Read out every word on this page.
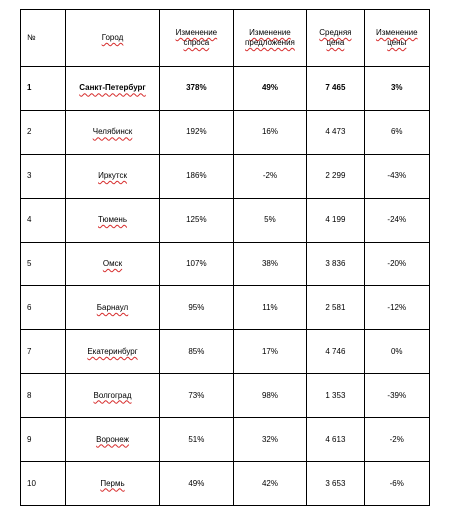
№	Город	Изменение спроса	Изменение предложения	Средняя цена	Изменение цены
1	Санкт-Петербург	378%	49%	7 465	3%
2	Челябинск	192%	16%	4 473	6%
3	Иркутск	186%	-2%	2 299	-43%
4	Тюмень	125%	5%	4 199	-24%
5	Омск	107%	38%	3 836	-20%
6	Барнаул	95%	11%	2 581	-12%
7	Екатеринбург	85%	17%	4 746	0%
8	Волгоград	73%	98%	1 353	-39%
9	Воронеж	51%	32%	4 613	-2%
10	Пермь	49%	42%	3 653	-6%
